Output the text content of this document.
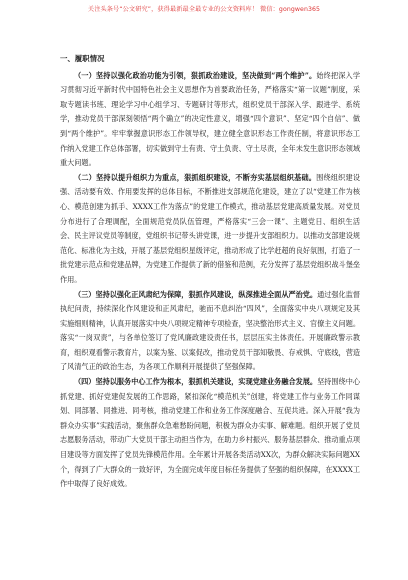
关注头条号“公文研究”，获得最新最全最专业的公文资料库！ 微信：gongwen365
一、履职情况

（一）坚持以强化政治功能为引领，狠抓政治建设，坚决做到“两个维护”。始终把深入学习贯彻习近平新时代中国特色社会主义思想作为首要政治任务，严格落实“第一议题”制度，采取专题读书班、理论学习中心组学习、专题研讨等形式，组织党员干部深入学、跟进学、系统学，推动党员干部深刻领悟“两个确立”的决定性意义，增强“四个意识”、坚定“四个自信”、做到“两个维护”。牢牢掌握意识形态工作领导权，建立健全意识形态工作责任制，将意识形态工作纳入党建工作总体部署，切实做到守土有责、守土负责、守土尽责，全年未发生意识形态领域重大问题。

（二）坚持以提升组织力为重点，狠抓组织建设，不断夯实基层组织基础。围绕组织建设强、活动要有效、作用要发挥的总体目标，不断推进支部规范化建设，建立了以“党建工作为核心、模范创建为抓手、XXXX工作为落点”的党建工作模式，推动基层党建高质量发展。对党员分布进行了合理调配，全面规范党员队伍管理，严格落实“三会一课”、主题党日、组织生活会、民主评议党员等制度，党组织书记带头讲党课，进一步提升支部组织力。以推动支部建设规范化、标准化为主线，开展了基层党组织星级评定，推动形成了比学赶超的良好氛围，打造了一批党建示范点和党建品牌，为党建工作提供了新的借鉴和范例，充分发挥了基层党组织战斗堡垒作用。

（三）坚持以强化正风肃纪为保障，狠抓作风建设，纵深推进全面从严治党。通过强化监督执纪问责，持续深化作风建设和正风肃纪，驰而不息纠治“四风”，全面落实中央八项规定及其实施细则精神，认真开展落实中央八项规定精神专项检查，坚决整治形式主义、官僚主义问题。落实“一岗双责”，与各单位签订了党风廉政建设责任书，层层压实主体责任。开展廉政警示教育，组织观看警示教育片，以案为鉴、以案促改，推动党员干部知敬畏、存戒惧、守底线，营造了风清气正的政治生态，为各项工作顺利开展提供了坚强保障。

（四）坚持以服务中心工作为根本，狠抓机关建设，实现党建业务融合发展。坚持围绕中心抓党建、抓好党建促发展的工作思路，紧扣深化“模范机关”创建，将党建工作与业务工作同谋划、同部署、同推进、同考核，推动党建工作和业务工作深度融合、互促共进。深入开展“我为群众办实事”实践活动，聚焦群众急难愁盼问题，积极为群众办实事、解难题。组织开展了党员志愿服务活动，带动广大党员干部主动担当作为，在助力乡村振兴、服务基层群众、推动重点项目建设等方面发挥了党员先锋模范作用。全年累计开展各类活动XX次，为群众解决实际问题XX个，得到了广大群众的一致好评，为全面完成年度目标任务提供了坚强的组织保障，在XXXX工作中取得了良好成效。
